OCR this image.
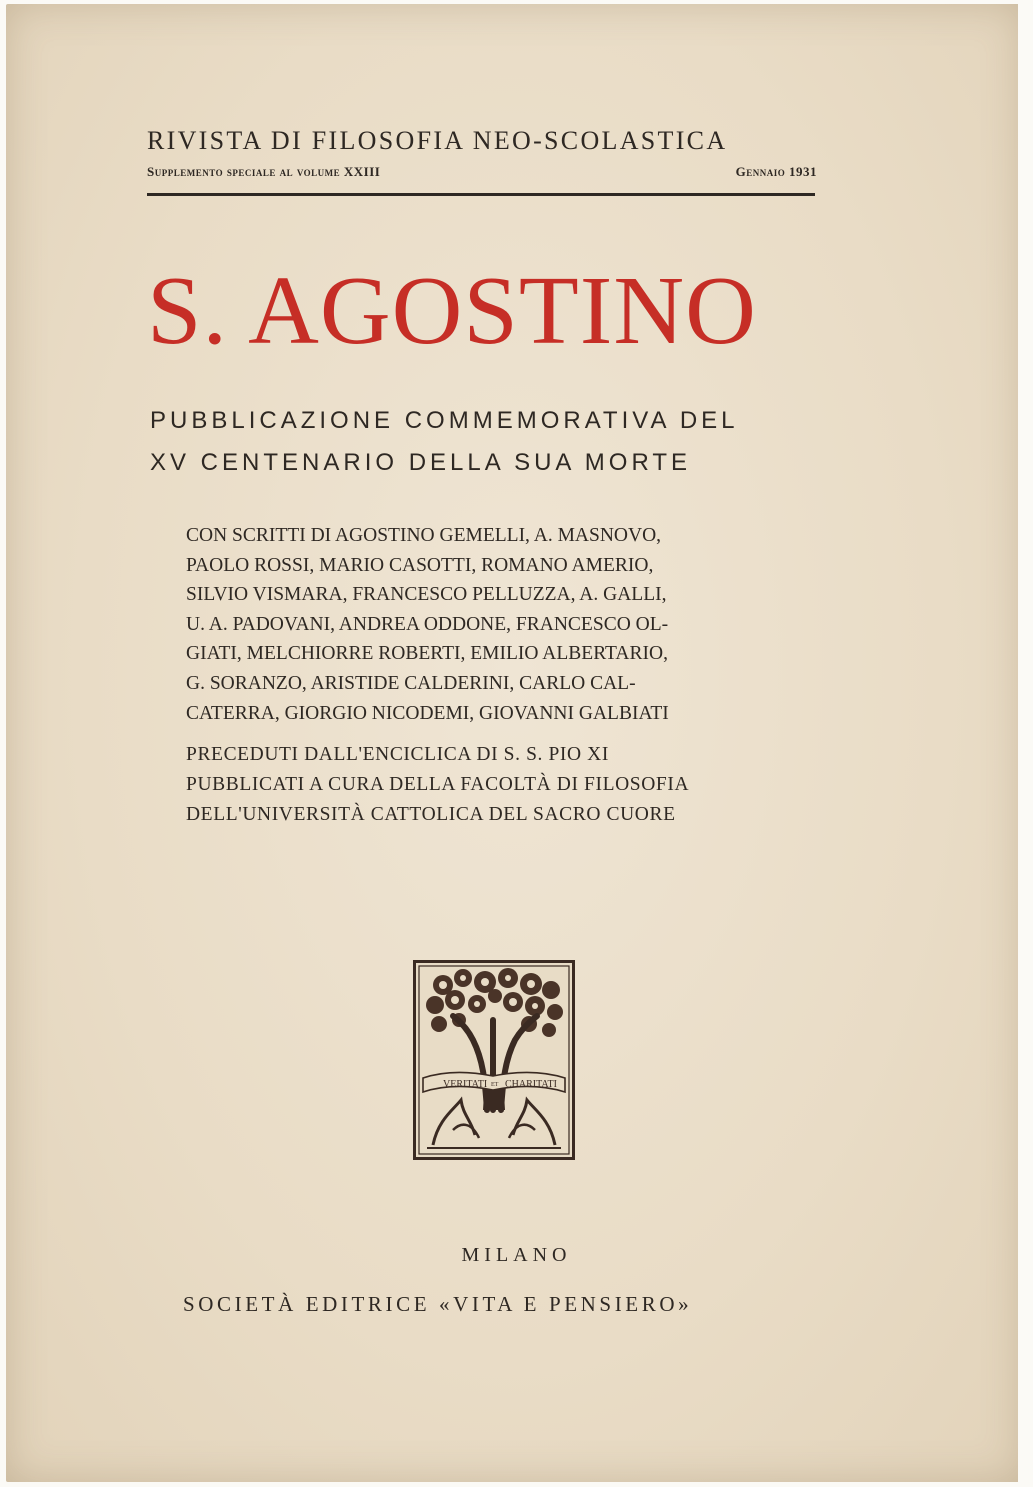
RIVISTA DI FILOSOFIA NEO-SCOLASTICA
Supplemento speciale al volume XXIII	Gennaio 1931
S. AGOSTINO
PUBBLICAZIONE COMMEMORATIVA DEL
XV CENTENARIO DELLA SUA MORTE
CON SCRITTI DI AGOSTINO GEMELLI, A. MASNOVO,
PAOLO ROSSI, MARIO CASOTTI, ROMANO AMERIO,
SILVIO VISMARA, FRANCESCO PELLUZZA, A. GALLI,
U. A. PADOVANI, ANDREA ODDONE, FRANCESCO OL-
GIATI, MELCHIORRE ROBERTI, EMILIO ALBERTARIO,
G. SORANZO, ARISTIDE CALDERINI, CARLO CAL-
CATERRA, GIORGIO NICODEMI, GIOVANNI GALBIATI
PRECEDUTI DALL'ENCICLICA DI S. S. PIO XI
PUBBLICATI A CURA DELLA FACOLTÀ DI FILOSOFIA
DELL'UNIVERSITÀ CATTOLICA DEL SACRO CUORE
VERITATI ET CHARITATI
MILANO
SOCIETÀ EDITRICE «VITA E PENSIERO»
